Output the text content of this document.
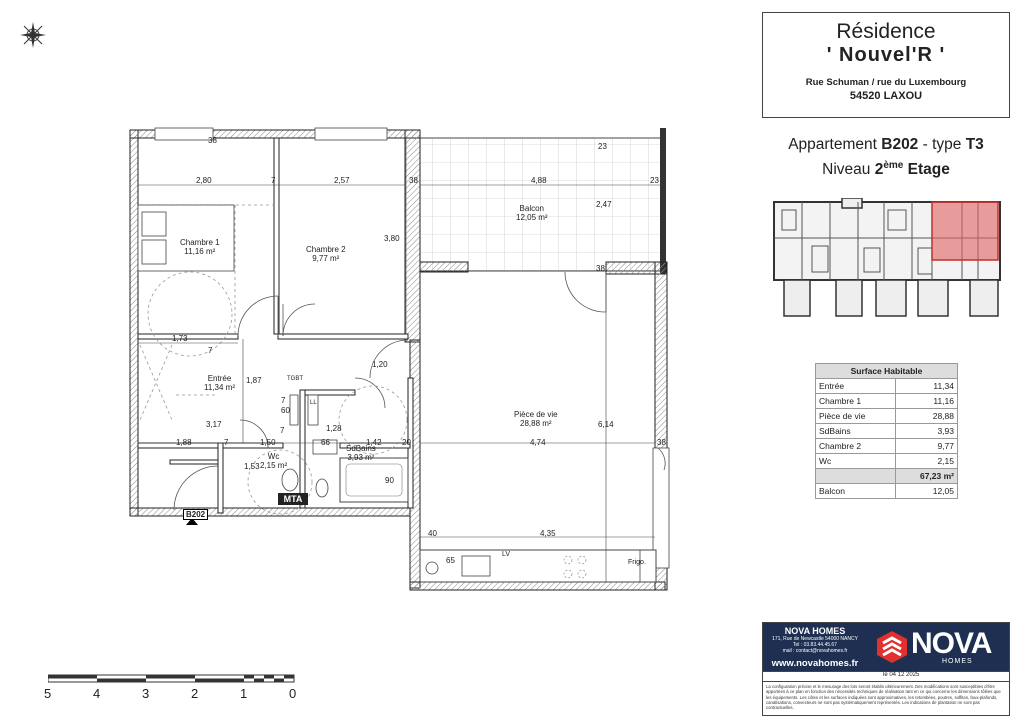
Résidence
' Nouvel'R '
Rue Schuman / rue du Luxembourg
54520 LAXOU
Appartement B202 - type T3
Niveau 2ème Etage
Surface Habitable	
Entrée	11,34
Chambre 1	11,16
Pièce de vie	28,88
SdBains	3,93
Chambre 2	9,77
Wc	2,15
	67,23 m²
Balcon	12,05
NOVA HOMES
171, Rue de Newcastle 54000 NANCY
Tel : 03.83.44.45.67
mail : contact@novahomes.fr
www.novahomes.fr
NOVA
HOMES
le 04 12 2025
La configuration précise et le mesurage des lots seront établis ultérieurement. Des modifications sont susceptibles d'être apportées à ce plan en fonction des nécessités techniques de réalisation tant en ce qui concerne les dimensions tôlées que les équipements. Les côtes et les surfaces indiquées sont approximatives, les retombées, poutres, soffites, faux-plafonds, canalisations, convecteurs ne sont pas systématiquement représentés. Les indications de plantation ne sont pas contractuelles.
5	4	3	2	1	0
Chambre 1
11,16 m²	Chambre 2
9,77 m²
Balcon
12,05 m²
Entrée
11,34 m²
Pièce de vie
28,88 m²
Wc
2,15 m²
SdBains
3,93 m²
2,80	7	2,57	38	4,88	23
38
23
3,80
2,47
38
1,73
7
1,20
1,87
3,17
1,88	7	1,50	66	1,42	20	4,74	38
6,14
60
7
1,28
1,53
90
40	4,35
65
7
TGBT
LL
LV
Frigo.
MTA
B202
